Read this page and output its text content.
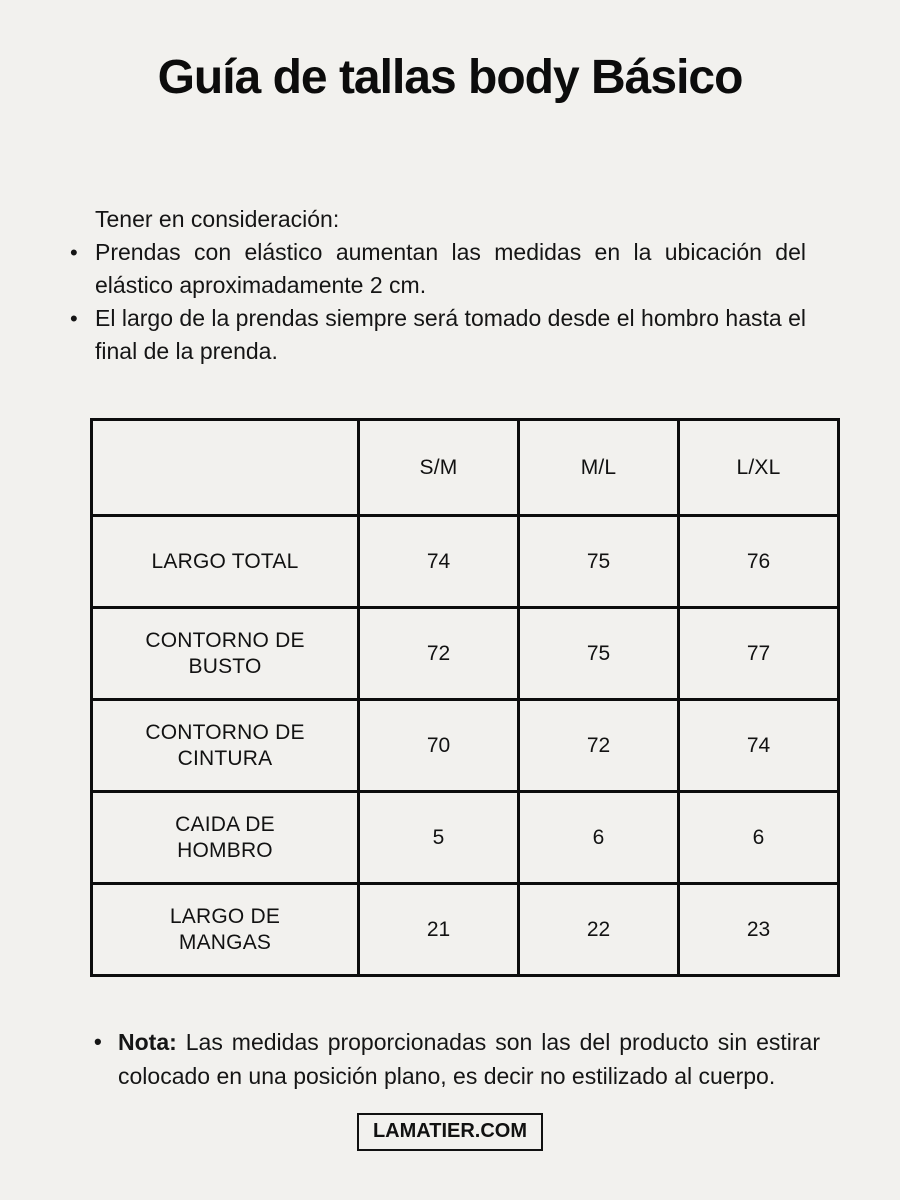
Guía de tallas body Básico
Tener en consideración:
• Prendas con elástico aumentan las medidas en la ubicación del elástico aproximadamente 2 cm.
• El largo de la prendas siempre será tomado desde el hombro hasta el final de la prenda.
	S/M	M/L	L/XL
LARGO TOTAL	74	75	76
CONTORNO DE BUSTO	72	75	77
CONTORNO DE CINTURA	70	72	74
CAIDA DE HOMBRO	5	6	6
LARGO DE MANGAS	21	22	23
• Nota: Las medidas proporcionadas son las del producto sin estirar colocado en una posición plano, es decir no estilizado al cuerpo.

LAMATIER.COM
